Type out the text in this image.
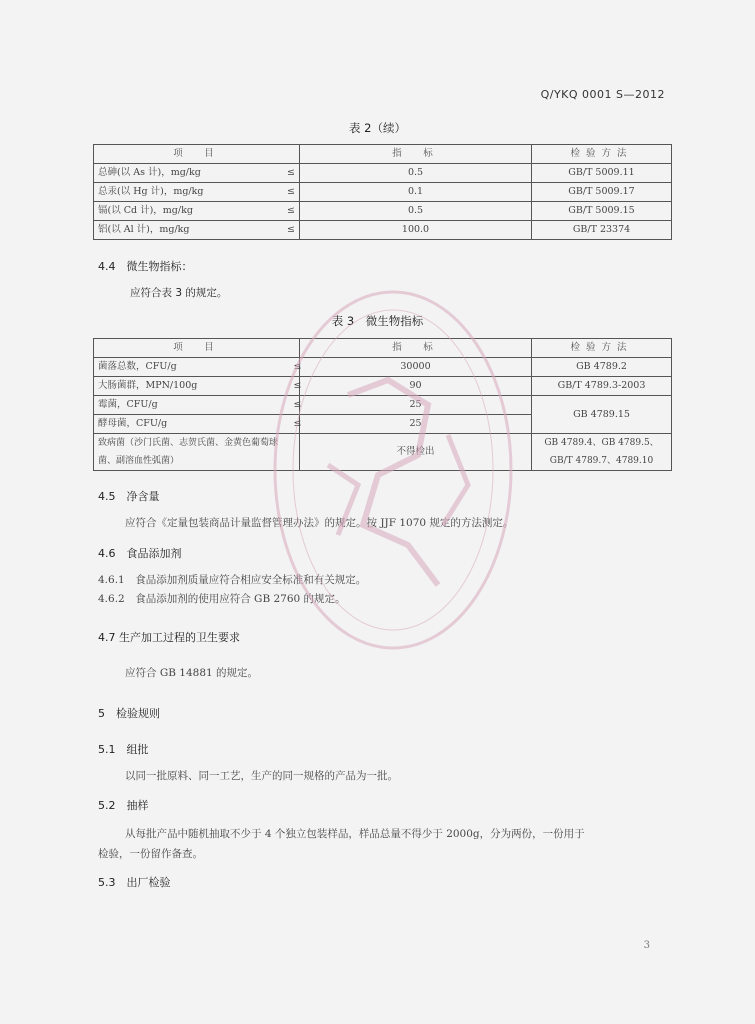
Q/YKQ 0001 S—2012
表 2（续）
项　目		指　标	检验方法
总砷(以 As 计)，mg/kg	≤	0.5	GB/T 5009.11
总汞(以 Hg 计)，mg/kg	≤	0.1	GB/T 5009.17
镉(以 Cd 计)，mg/kg	≤	0.5	GB/T 5009.15
铝(以 Al 计)，mg/kg	≤	100.0	GB/T 23374
4.4　微生物指标：
应符合表 3 的规定。
表 3　微生物指标
项　目		指　标	检验方法
菌落总数，CFU/g	≤	30000	GB 4789.2
大肠菌群，MPN/100g	≤	90	GB/T 4789.3-2003
霉菌，CFU/g	≤	25	GB 4789.15
酵母菌，CFU/g	≤	25	
致病菌（沙门氏菌、志贺氏菌、金黄色葡萄球菌、副溶血性弧菌）		不得检出	GB 4789.4、GB 4789.5、GB/T 4789.7、4789.10
4.5　净含量
应符合《定量包装商品计量监督管理办法》的规定。按 JJF 1070 规定的方法测定。
4.6　食品添加剂
4.6.1　食品添加剂质量应符合相应安全标准和有关规定。
4.6.2　食品添加剂的使用应符合 GB 2760 的规定。
4.7 生产加工过程的卫生要求
应符合 GB 14881 的规定。
5　检验规则
5.1　组批
以同一批原料、同一工艺，生产的同一规格的产品为一批。
5.2　抽样
从每批产品中随机抽取不少于 4 个独立包装样品，样品总量不得少于 2000g，分为两份，一份用于
检验，一份留作备查。
5.3　出厂检验
3
